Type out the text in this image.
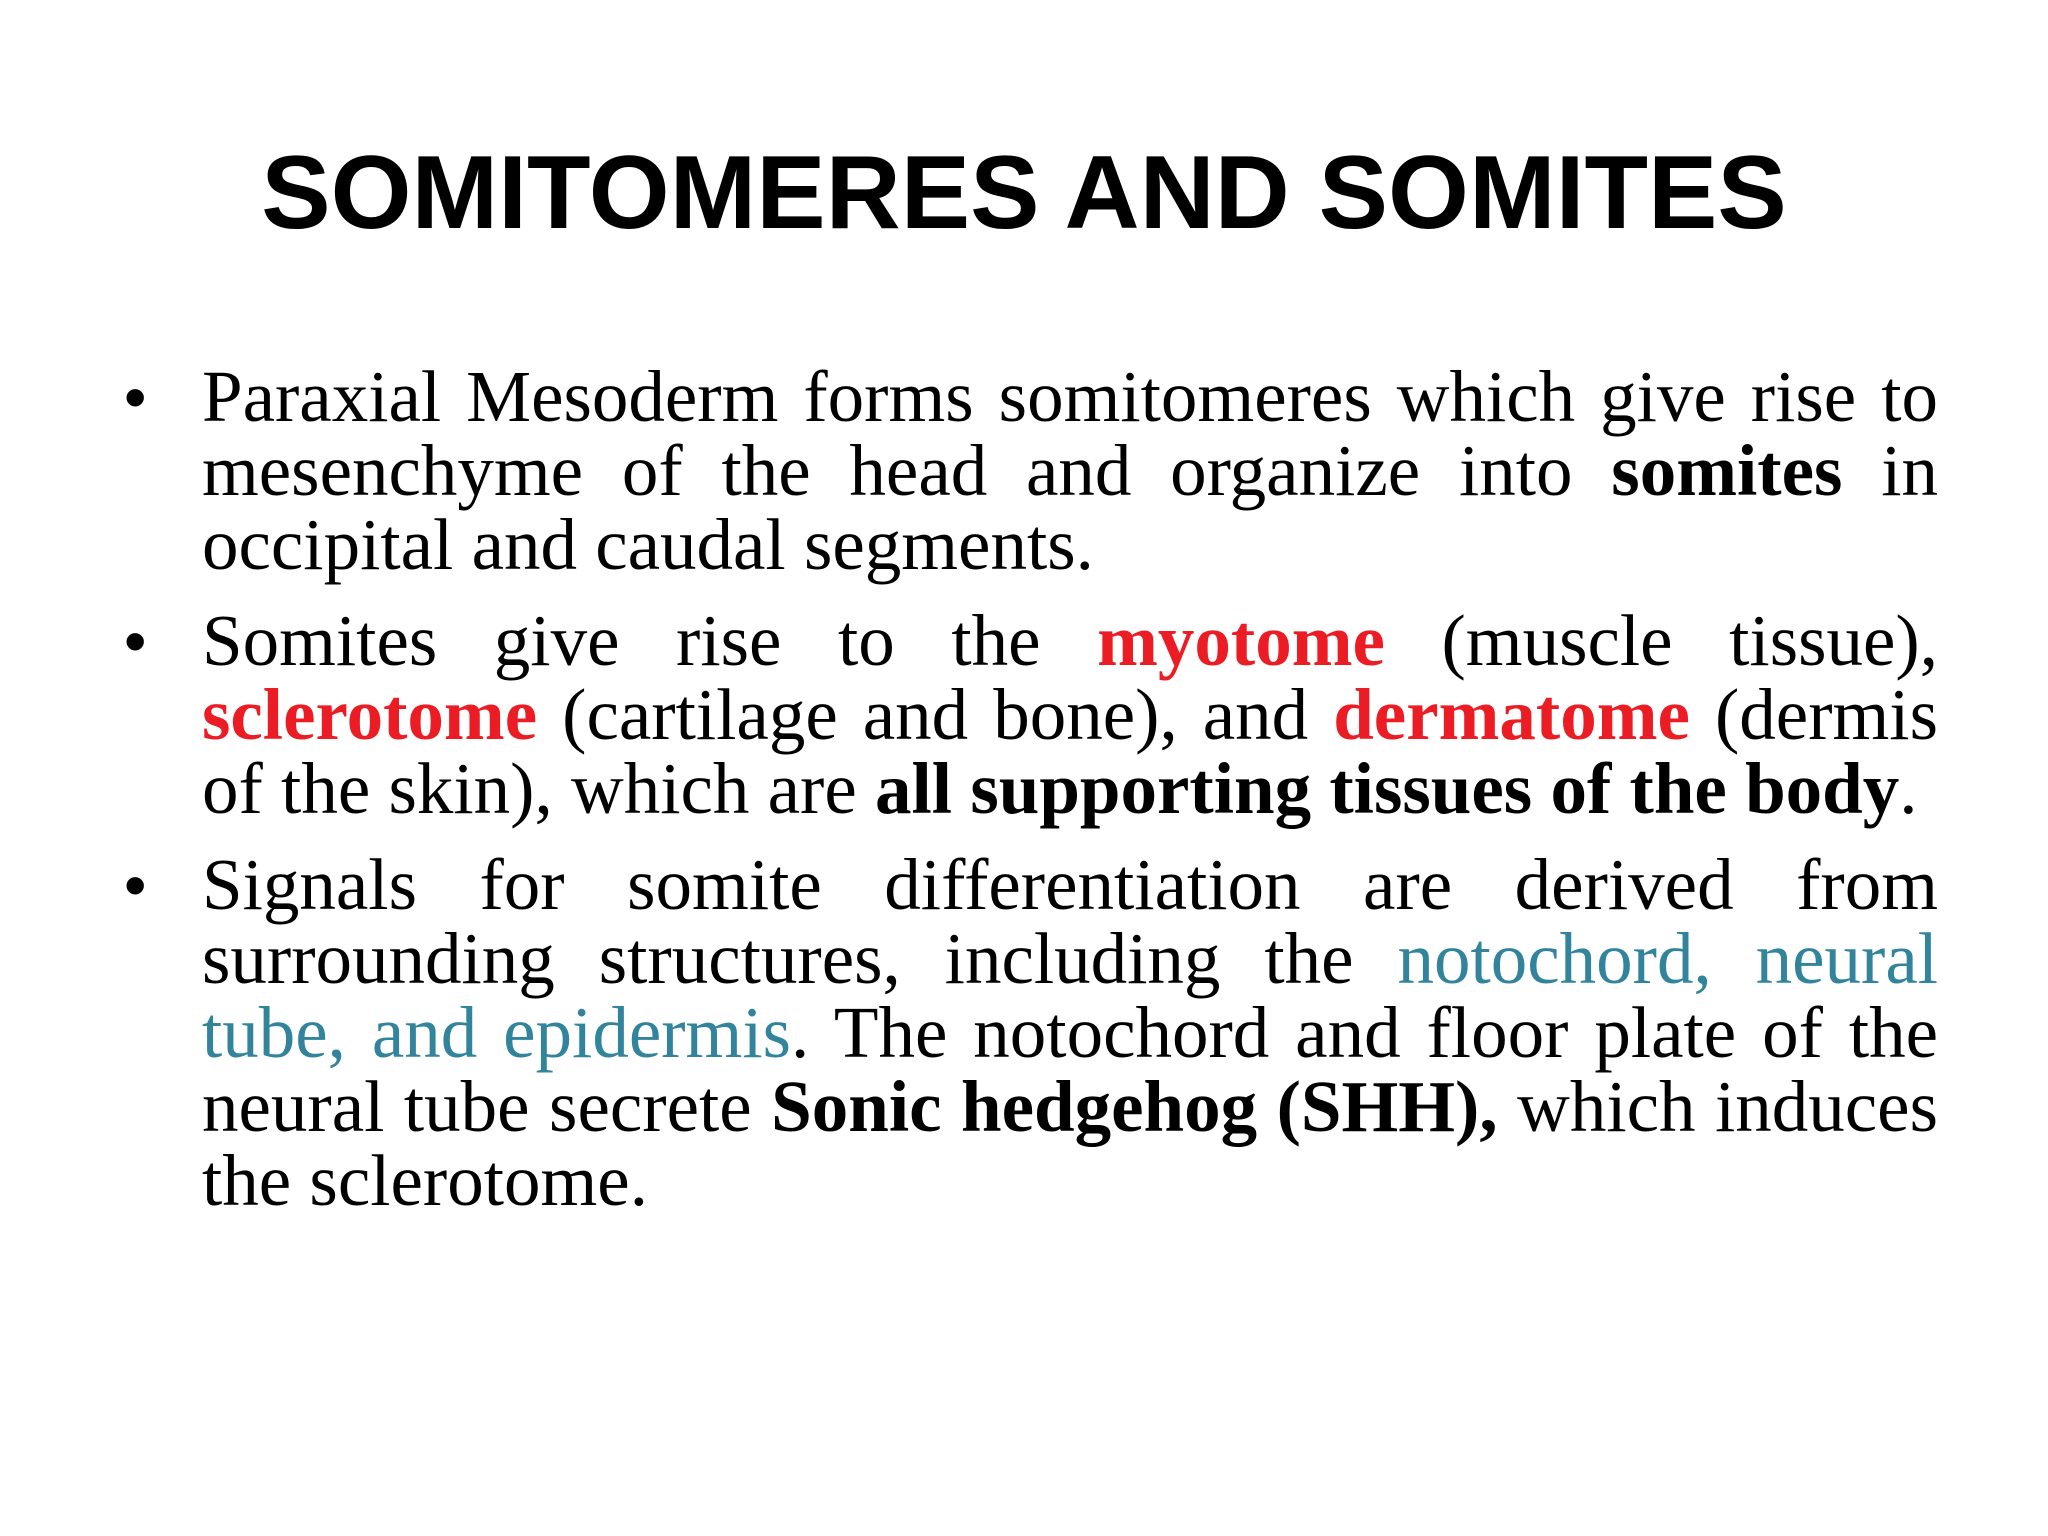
SOMITOMERES AND SOMITES
• Paraxial Mesoderm forms somitomeres which give rise to mesenchyme of the head and organize into somites in occipital and caudal segments.
• Somites give rise to the myotome (muscle tissue), sclerotome (cartilage and bone), and dermatome (dermis of the skin), which are all supporting tissues of the body.
• Signals for somite differentiation are derived from surrounding structures, including the notochord, neural tube, and epidermis. The notochord and floor plate of the neural tube secrete Sonic hedgehog (SHH), which induces the sclerotome.
